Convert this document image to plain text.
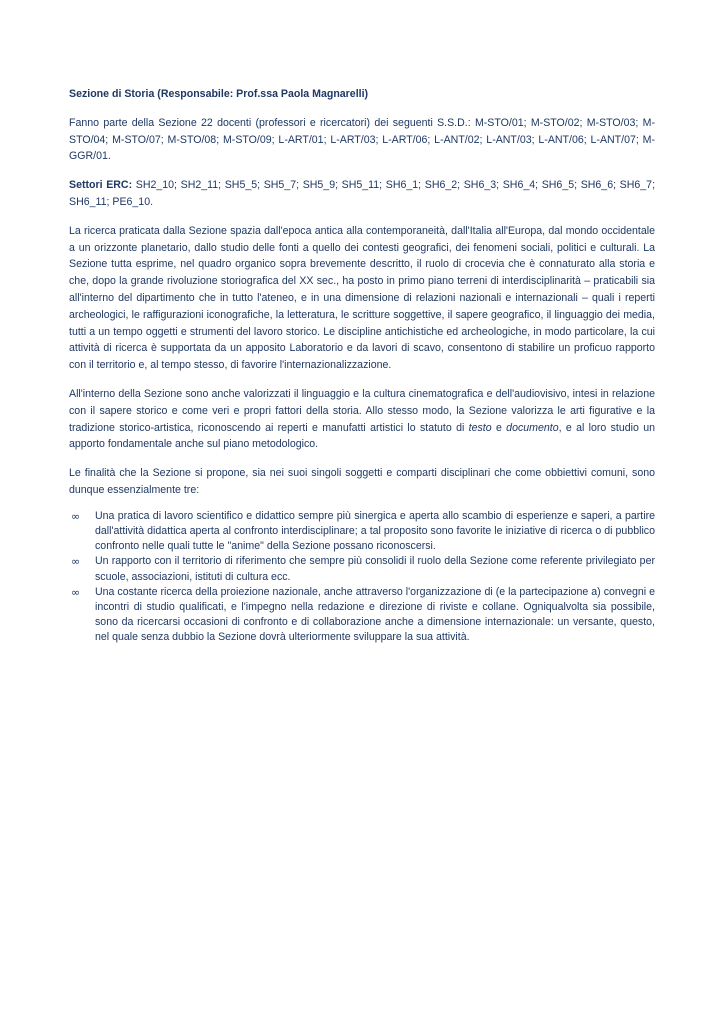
Sezione di Storia (Responsabile: Prof.ssa Paola Magnarelli)

Fanno parte della Sezione 22 docenti (professori e ricercatori) dei seguenti S.S.D.: M-STO/01; M-STO/02; M-STO/03; M-STO/04; M-STO/07; M-STO/08; M-STO/09; L-ART/01; L-ART/03; L-ART/06; L-ANT/02; L-ANT/03; L-ANT/06; L-ANT/07; M-GGR/01.

Settori ERC: SH2_10; SH2_11; SH5_5; SH5_7; SH5_9; SH5_11; SH6_1; SH6_2; SH6_3; SH6_4; SH6_5; SH6_6; SH6_7; SH6_11; PE6_10.

La ricerca praticata dalla Sezione spazia dall'epoca antica alla contemporaneità, dall'Italia all'Europa, dal mondo occidentale a un orizzonte planetario, dallo studio delle fonti a quello dei contesti geografici, dei fenomeni sociali, politici e culturali. La Sezione tutta esprime, nel quadro organico sopra brevemente descritto, il ruolo di crocevia che è connaturato alla storia e che, dopo la grande rivoluzione storiografica del XX sec., ha posto in primo piano terreni di interdisciplinarità – praticabili sia all'interno del dipartimento che in tutto l'ateneo, e in una dimensione di relazioni nazionali e internazionali – quali i reperti archeologici, le raffigurazioni iconografiche, la letteratura, le scritture soggettive, il sapere geografico, il linguaggio dei media, tutti a un tempo oggetti e strumenti del lavoro storico. Le discipline antichistiche ed archeologiche, in modo particolare, la cui attività di ricerca è supportata da un apposito Laboratorio e da lavori di scavo, consentono di stabilire un proficuo rapporto con il territorio e, al tempo stesso, di favorire l'internazionalizzazione.

All'interno della Sezione sono anche valorizzati il linguaggio e la cultura cinematografica e dell'audiovisivo, intesi in relazione con il sapere storico e come veri e propri fattori della storia. Allo stesso modo, la Sezione valorizza le arti figurative e la tradizione storico-artistica, riconoscendo ai reperti e manufatti artistici lo statuto di testo e documento, e al loro studio un apporto fondamentale anche sul piano metodologico.

Le finalità che la Sezione si propone, sia nei suoi singoli soggetti e comparti disciplinari che come obbiettivi comuni, sono dunque essenzialmente tre:

∞ Una pratica di lavoro scientifico e didattico sempre più sinergica e aperta allo scambio di esperienze e saperi, a partire dall'attività didattica aperta al confronto interdisciplinare; a tal proposito sono favorite le iniziative di ricerca o di pubblico confronto nelle quali tutte le "anime" della Sezione possano riconoscersi.
∞ Un rapporto con il territorio di riferimento che sempre più consolidi il ruolo della Sezione come referente privilegiato per scuole, associazioni, istituti di cultura ecc.
∞ Una costante ricerca della proiezione nazionale, anche attraverso l'organizzazione di (e la partecipazione a) convegni e incontri di studio qualificati, e l'impegno nella redazione e direzione di riviste e collane. Ogniqualvolta sia possibile, sono da ricercarsi occasioni di confronto e di collaborazione anche a dimensione internazionale: un versante, questo, nel quale senza dubbio la Sezione dovrà ulteriormente sviluppare la sua attività.
